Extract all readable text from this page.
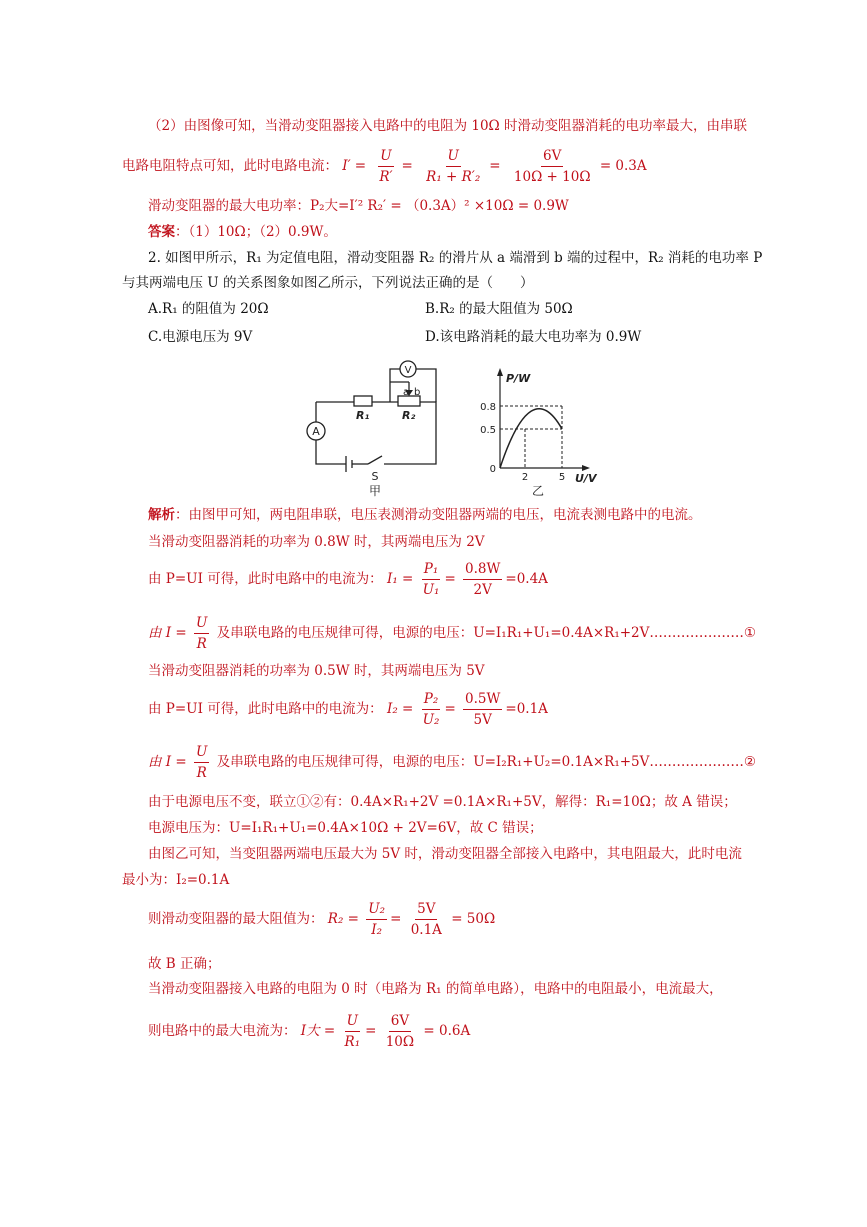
（2）由图像可知，当滑动变阻器接入电路中的电阻为 10Ω 时滑动变阻器消耗的电功率最大，由串联
电路电阻特点可知，此时电路电流： $I' = \frac{U}{R'} = \frac{U}{\text{R₁ + R′₂}} = \frac{6V}{10\Omega + 10\Omega} = 0.3A$
滑动变阻器的最大电功率：P₂大=I′² R₂′ = （0.3A）² ×10Ω = 0.9W
答案：（1）10Ω；（2）0.9W。
2. 如图甲所示，R₁ 为定值电阻，滑动变阻器 R₂ 的滑片从 a 端滑到 b 端的过程中，R₂ 消耗的电功率 P
与其两端电压 U 的关系图象如图乙所示，下列说法正确的是（　　）
A.R₁ 的阻值为 20Ω	B.R₂ 的最大阻值为 50Ω
C.电源电压为 9V	D.该电路消耗的最大电功率为 0.9W
A
V
a b
R₁	R₂
S
甲
P/W
U/V
0.8
0.5
0
2	5
乙
解析：由图甲可知，两电阻串联，电压表测滑动变阻器两端的电压，电流表测电路中的电流。
当滑动变阻器消耗的功率为 0.8W 时，其两端电压为 2V
由 P=UI 可得，此时电路中的电流为： $I_1 = \frac{\text{P₁}}{\text{U₁}} = \frac{0.8W}{2V} =0.4A$
由 $I = \frac{U}{R}$ 及串联电路的电压规律可得，电源的电压：U=I₁R₁+U₁=0.4A×R₁+2V…………………①
当滑动变阻器消耗的功率为 0.5W 时，其两端电压为 5V
由 P=UI 可得，此时电路中的电流为： $I_2 = \frac{\text{P₂}}{\text{U₂}} = \frac{0.5W}{5V} =0.1A$
由 $I = \frac{U}{R}$ 及串联电路的电压规律可得，电源的电压：U=I₂R₁+U₂=0.1A×R₁+5V…………………②
由于电源电压不变，联立①②有：0.4A×R₁+2V =0.1A×R₁+5V，解得：R₁=10Ω；故 A 错误；
电源电压为：U=I₁R₁+U₁=0.4A×10Ω + 2V=6V，故 C 错误；
由图乙可知，当变阻器两端电压最大为 5V 时，滑动变阻器全部接入电路中，其电阻最大，此时电流
最小为：I₂=0.1A
则滑动变阻器的最大阻值为： $R_2 = \frac{\text{U₂}}{\text{I₂}} = \frac{5V}{0.1A} = 50\Omega$
故 B 正确；
当滑动变阻器接入电路的电阻为 0 时（电路为 R₁ 的简单电路），电路中的电阻最小，电流最大，
则电路中的最大电流为： I大 = $\frac{U}{\text{R₁}} = \frac{6V}{10\Omega} = 0.6A$
